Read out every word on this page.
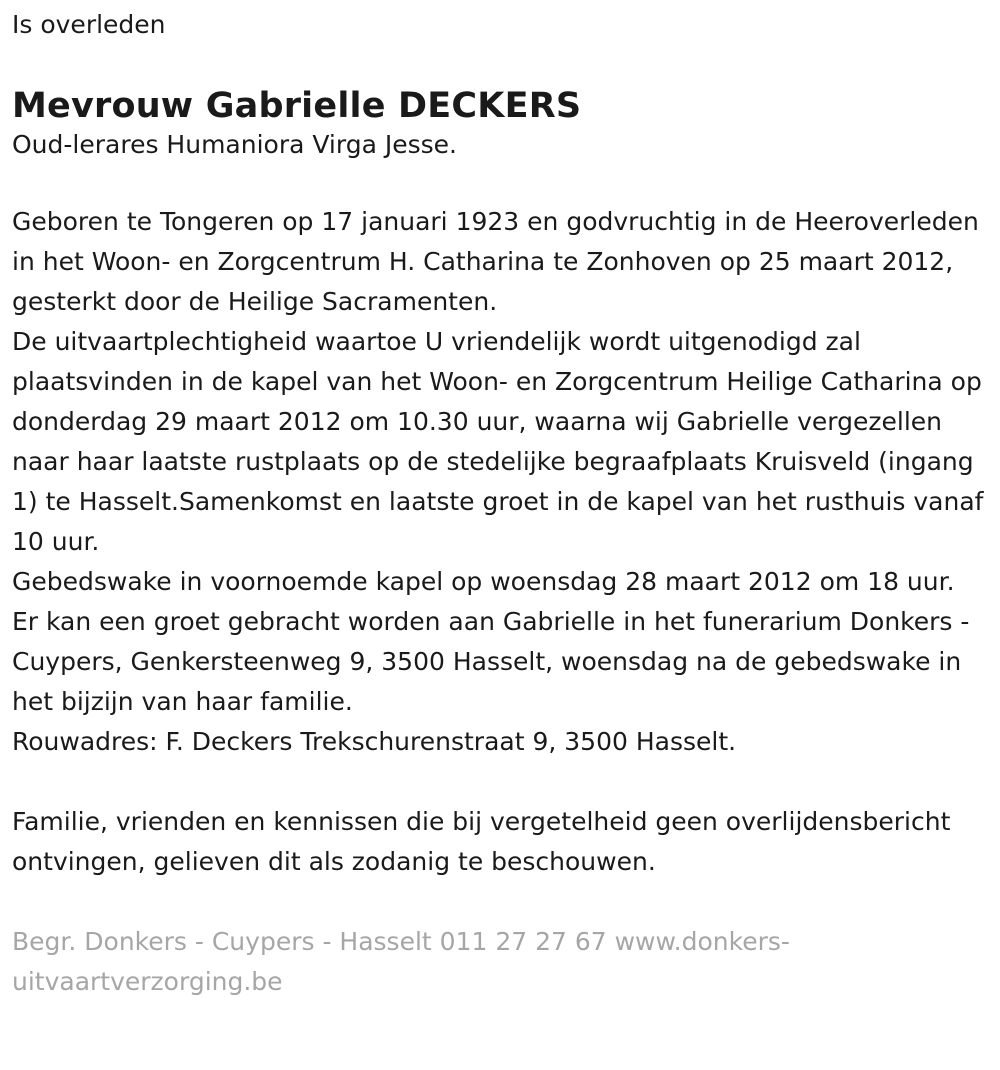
Is overleden

Mevrouw Gabrielle DECKERS

Oud-lerares Humaniora Virga Jesse.

Geboren te Tongeren op 17 januari 1923 en godvruchtig in de Heeroverleden in het Woon- en Zorgcentrum H. Catharina te Zonhoven op 25 maart 2012, gesterkt door de Heilige Sacramenten.

De uitvaartplechtigheid waartoe U vriendelijk wordt uitgenodigd zal plaatsvinden in de kapel van het Woon- en Zorgcentrum Heilige Catharina op donderdag 29 maart 2012 om 10.30 uur, waarna wij Gabrielle vergezellen naar haar laatste rustplaats op de stedelijke begraafplaats Kruisveld (ingang 1) te Hasselt.Samenkomst en laatste groet in de kapel van het rusthuis vanaf 10 uur.

Gebedswake in voornoemde kapel op woensdag 28 maart 2012 om 18 uur.

Er kan een groet gebracht worden aan Gabrielle in het funerarium Donkers - Cuypers, Genkersteenweg 9, 3500 Hasselt, woensdag na de gebedswake in het bijzijn van haar familie.

Rouwadres: F. Deckers Trekschurenstraat 9, 3500 Hasselt.

Familie, vrienden en kennissen die bij vergetelheid geen overlijdensbericht ontvingen, gelieven dit als zodanig te beschouwen.

Begr. Donkers - Cuypers - Hasselt 011 27 27 67 www.donkers-uitvaartverzorging.be
